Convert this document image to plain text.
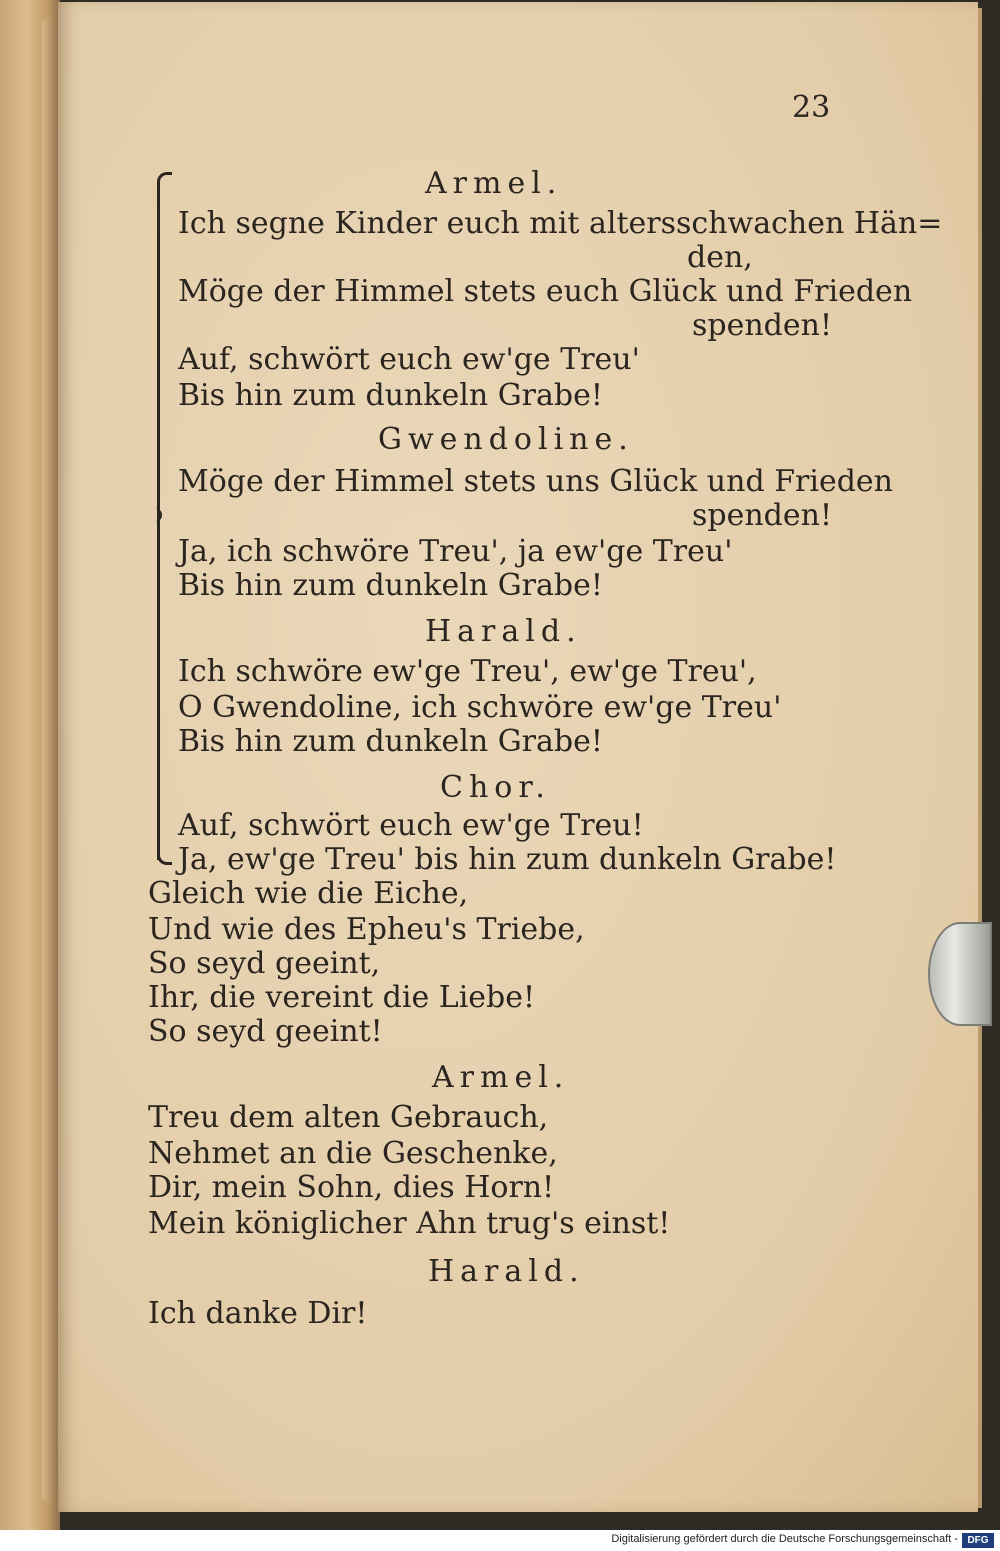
23
Armel.
Ich segne Kinder euch mit altersschwachen Hän=
den,
Möge der Himmel stets euch Glück und Frieden
spenden!
Auf, schwört euch ew'ge Treu'
Bis hin zum dunkeln Grabe!
Gwendoline.
Möge der Himmel stets uns Glück und Frieden
spenden!
Ja, ich schwöre Treu', ja ew'ge Treu'
Bis hin zum dunkeln Grabe!
Harald.
Ich schwöre ew'ge Treu', ew'ge Treu',
O Gwendoline, ich schwöre ew'ge Treu'
Bis hin zum dunkeln Grabe!
Chor.
Auf, schwört euch ew'ge Treu!
Ja, ew'ge Treu' bis hin zum dunkeln Grabe!
Gleich wie die Eiche,
Und wie des Epheu's Triebe,
So seyd geeint,
Ihr, die vereint die Liebe!
So seyd geeint!
Armel.
Treu dem alten Gebrauch,
Nehmet an die Geschenke,
Dir, mein Sohn, dies Horn!
Mein königlicher Ahn trug's einst!
Harald.
Ich danke Dir!
Digitalisierung gefördert durch die Deutsche Forschungsgemeinschaft - DFG
